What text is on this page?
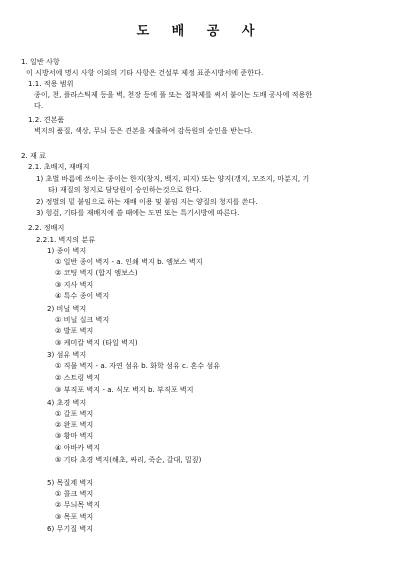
도 배 공 사
1. 일반 사항
이 시방서에 명시 사항 이외의 기타 사항은 건설부 제정 표준시방서에 준한다.
1.1. 적용 범위
종이, 천, 플라스틱제 등을 벽, 천장 등에 풀 또는 접착제를 써서 붙이는 도배 공사에 적용한
다.
1.2. 견본품
벽지의 품질, 색상, 무늬 등은 견본을 제출하여 감독원의 승인을 받는다.
2. 재 료
2.1. 초배지, 재배지
1) 초벌 바름에 쓰이는 종이는 한지(창지, 백지, 피지) 또는 양지(갱지, 모조지, 마분지, 기
타) 재질의 청지로 담당원이 승인하는것으로 한다.
2) 정벌의 밑 붙임으로 하는 재배 이용 및 붙임 지는 양질의 청지를 쓴다.
3) 헝겊, 기타를 재배지에 쓸 때에는 도면 또는 특기시방에 따른다.
2.2. 정배지
2.2.1. 벽지의 분류
1) 종이 벽지
① 일반 종이 벽지 - a. 인쇄 벽지 b. 엠보스 벽지
② 코팅 벽지 (합지 엠보스)
③ 지사 벽지
④ 특수 종이 벽지
2) 비닐 벽지
① 비닐 실크 벽지
② 발포 벽지
③ 케미칼 벽지 (타일 벽지)
3) 섬유 벽지
① 직물 벽지 - a. 자연 섬유 b. 화학 섬유 c. 혼수 섬유
② 스트링 벽지
③ 부직포 벽지 - a. 식모 벽지 b. 부직포 벽지
4) 초경 벽지
① 갈포 벽지
② 완포 벽지
③ 황마 벽지
④ 아바카 벽지
⑤ 기타 초경 벽지(해초, 싸리, 죽순, 갈대, 밀짚)
5) 목질계 벽지
① 콜크 벽지
② 무늬목 벽지
③ 목포 벽지
6) 무기질 벽지
